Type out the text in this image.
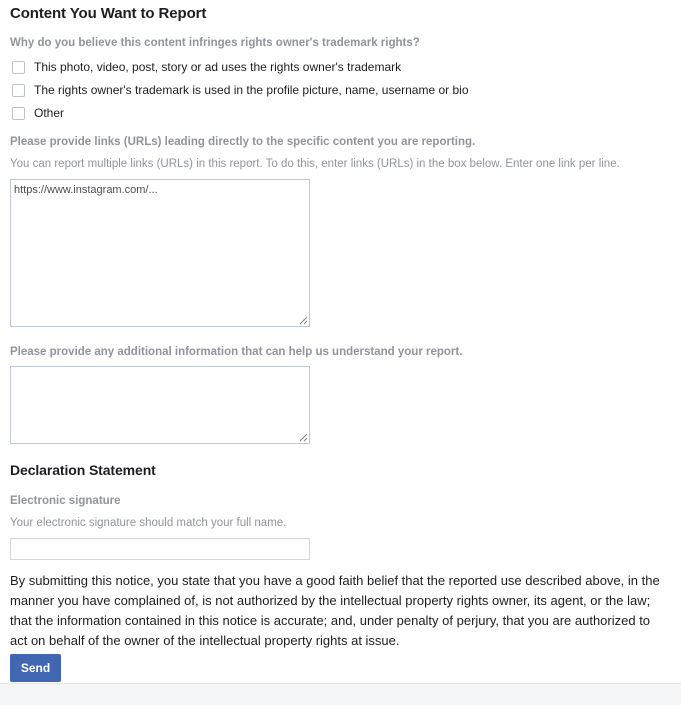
Content You Want to Report
Why do you believe this content infringes rights owner's trademark rights?
This photo, video, post, story or ad uses the rights owner's trademark
The rights owner's trademark is used in the profile picture, name, username or bio
Other
Please provide links (URLs) leading directly to the specific content you are reporting.
You can report multiple links (URLs) in this report. To do this, enter links (URLs) in the box below. Enter one link per line.
https://www.instagram.com/...
Please provide any additional information that can help us understand your report.
Declaration Statement
Electronic signature
Your electronic signature should match your full name.
By submitting this notice, you state that you have a good faith belief that the reported use described above, in the manner you have complained of, is not authorized by the intellectual property rights owner, its agent, or the law; that the information contained in this notice is accurate; and, under penalty of perjury, that you are authorized to act on behalf of the owner of the intellectual property rights at issue.
Send
